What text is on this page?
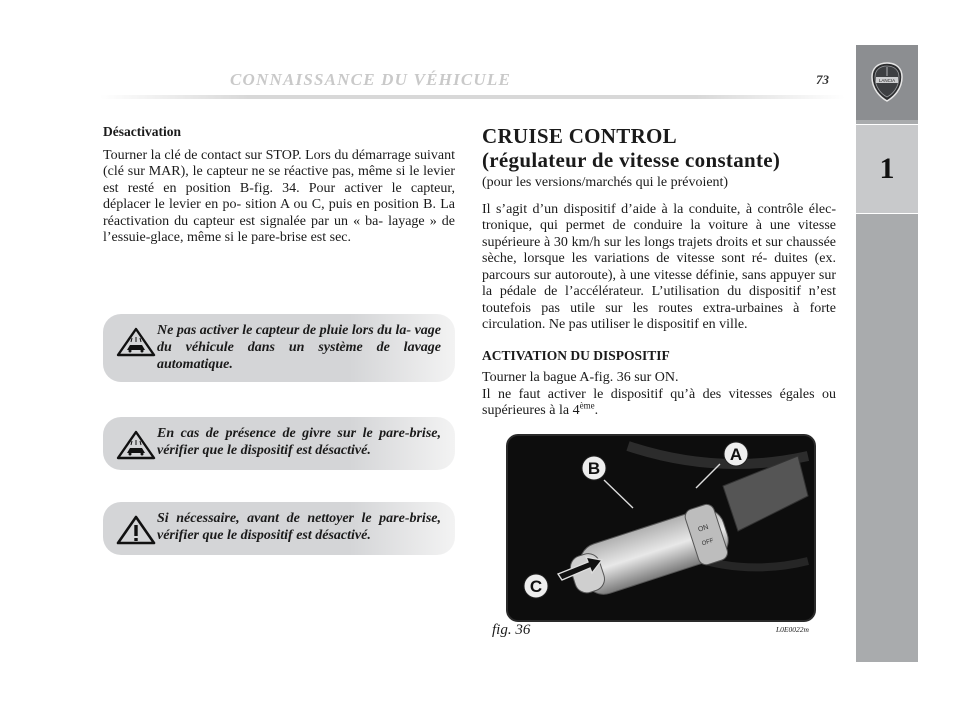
CONNAISSANCE DU VÉHICULE	73	LANCIA
1

Désactivation

Tourner la clé de contact sur STOP. Lors du démarrage suivant (clé sur MAR), le capteur ne se réactive pas, même si le levier est resté en position B-fig. 34. Pour activer le capteur, déplacer le levier en po- sition A ou C, puis en position B. La réactivation du capteur est signalée par un « ba- layage » de l’essuie-glace, même si le pare-brise est sec.

Ne pas activer le capteur de pluie lors du la- vage du véhicule dans un système de lavage automatique.
En cas de présence de givre sur le pare-brise, vérifier que le dispositif est désactivé.
Si nécessaire, avant de nettoyer le pare-brise, vérifier que le dispositif est désactivé.

CRUISE CONTROL

(régulateur de vitesse constante)

(pour les versions/marchés qui le prévoient)

Il s’agit d’un dispositif d’aide à la conduite, à contrôle élec- tronique, qui permet de conduire la voiture à une vitesse supérieure à 30 km/h sur les longs trajets droits et sur chaussée sèche, lorsque les variations de vitesse sont ré- duites (ex. parcours sur autoroute), à une vitesse définie, sans appuyer sur la pédale de l’accélérateur. L’utilisation du dispositif n’est toutefois pas utile sur les routes extra-urbaines à forte circulation. Ne pas utiliser le dispositif en ville.

ACTIVATION DU DISPOSITIF

Tourner la bague A-fig. 36 sur ON.

Il ne faut activer le dispositif qu’à des vitesses égales ou supérieures à la 4ème.

ON
OFF
B
A
C
fig. 36	L0E0022m
